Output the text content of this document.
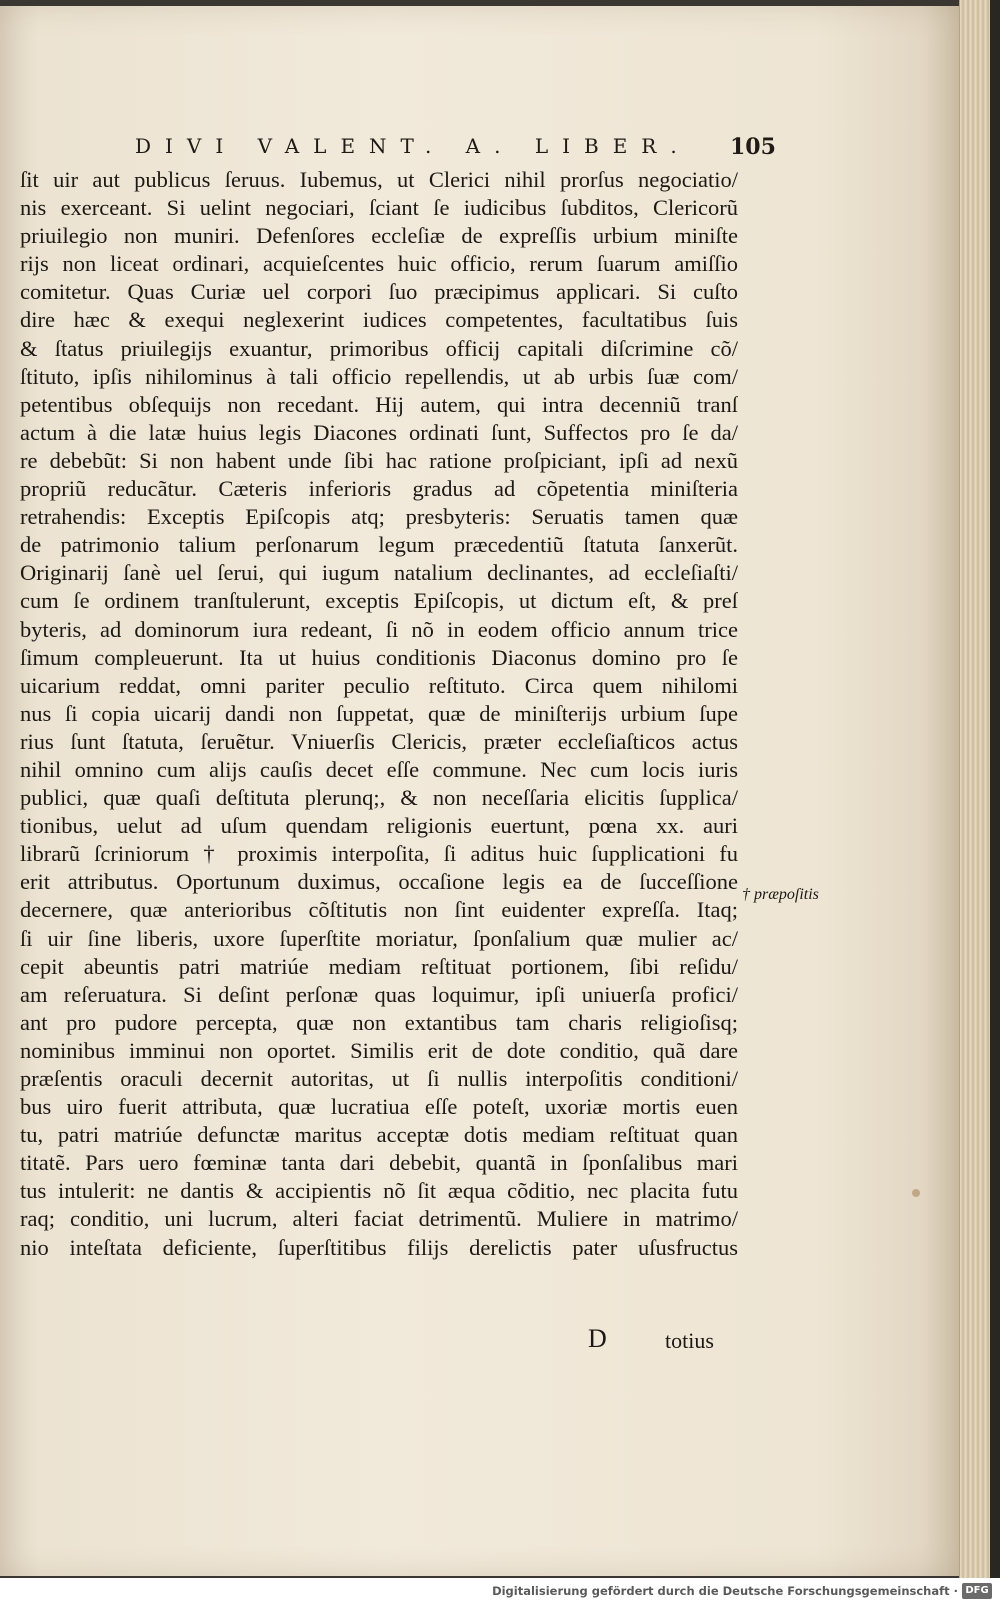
DIVI VALENT. A. LIBER.	105
ſit uir aut publicus ſeruus. Iubemus, ut Clerici nihil prorſus negociatio/
nis exerceant. Si uelint negociari, ſciant ſe iudicibus ſubditos, Clericorũ
priuilegio non muniri. Defenſores eccleſiæ de expreſſis urbium miniſte
rijs non liceat ordinari, acquieſcentes huic officio, rerum ſuarum amiſſio
comitetur. Quas Curiæ uel corpori ſuo præcipimus applicari. Si cuſto
dire hæc & exequi neglexerint iudices competentes, facultatibus ſuis
& ſtatus priuilegijs exuantur, primoribus officij capitali diſcrimine cõ/
ſtituto, ipſis nihilominus à tali officio repellendis, ut ab urbis ſuæ com/
petentibus obſequijs non recedant. Hij autem, qui intra decenniũ tranſ
actum à die latæ huius legis Diacones ordinati ſunt, Suffectos pro ſe da/
re debebũt: Si non habent unde ſibi hac ratione proſpiciant, ipſi ad nexũ
propriũ reducãtur. Cæteris inferioris gradus ad cõpetentia miniſteria
retrahendis: Exceptis Epiſcopis atq; presbyteris: Seruatis tamen quæ
de patrimonio talium perſonarum legum præcedentiũ ſtatuta ſanxerũt.
Originarij ſanè uel ſerui, qui iugum natalium declinantes, ad eccleſiaſti/
cum ſe ordinem tranſtulerunt, exceptis Epiſcopis, ut dictum eſt, & preſ
byteris, ad dominorum iura redeant, ſi nõ in eodem officio annum trice
ſimum compleuerunt. Ita ut huius conditionis Diaconus domino pro ſe
uicarium reddat, omni pariter peculio reſtituto. Circa quem nihilomi
nus ſi copia uicarij dandi non ſuppetat, quæ de miniſterijs urbium ſupe
rius ſunt ſtatuta, ſeruẽtur. Vniuerſis Clericis, præter eccleſiaſticos actus
nihil omnino cum alijs cauſis decet eſſe commune. Nec cum locis iuris
publici, quæ quaſi deſtituta plerunq;, & non neceſſaria elicitis ſupplica/
tionibus, uelut ad uſum quendam religionis euertunt, pœna xx. auri
librarũ ſcriniorum † proximis interpoſita, ſi aditus huic ſupplicationi fu
erit attributus. Oportunum duximus, occaſione legis ea de ſucceſſione
decernere, quæ anterioribus cõſtitutis non ſint euidenter expreſſa. Itaq;
ſi uir ſine liberis, uxore ſuperſtite moriatur, ſponſalium quæ mulier ac/
cepit abeuntis patri matriúe mediam reſtituat portionem, ſibi reſidu/
am reſeruatura. Si deſint perſonæ quas loquimur, ipſi uniuerſa profici/
ant pro pudore percepta, quæ non extantibus tam charis religioſisq;
nominibus imminui non oportet. Similis erit de dote conditio, quã dare
præſentis oraculi decernit autoritas, ut ſi nullis interpoſitis conditioni/
bus uiro fuerit attributa, quæ lucratiua eſſe poteſt, uxoriæ mortis euen
tu, patri matriúe defunctæ maritus acceptæ dotis mediam reſtituat quan
titatẽ. Pars uero fœminæ tanta dari debebit, quantã in ſponſalibus mari
tus intulerit: ne dantis & accipientis nõ ſit æqua cõditio, nec placita futu
raq; conditio, uni lucrum, alteri faciat detrimentũ. Muliere in matrimo/
nio inteſtata deficiente, ſuperſtitibus filijs derelictis pater uſusfructus
† præpoſitis
D	totius
Digitalisierung gefördert durch die Deutsche Forschungsgemeinschaft · DFG
